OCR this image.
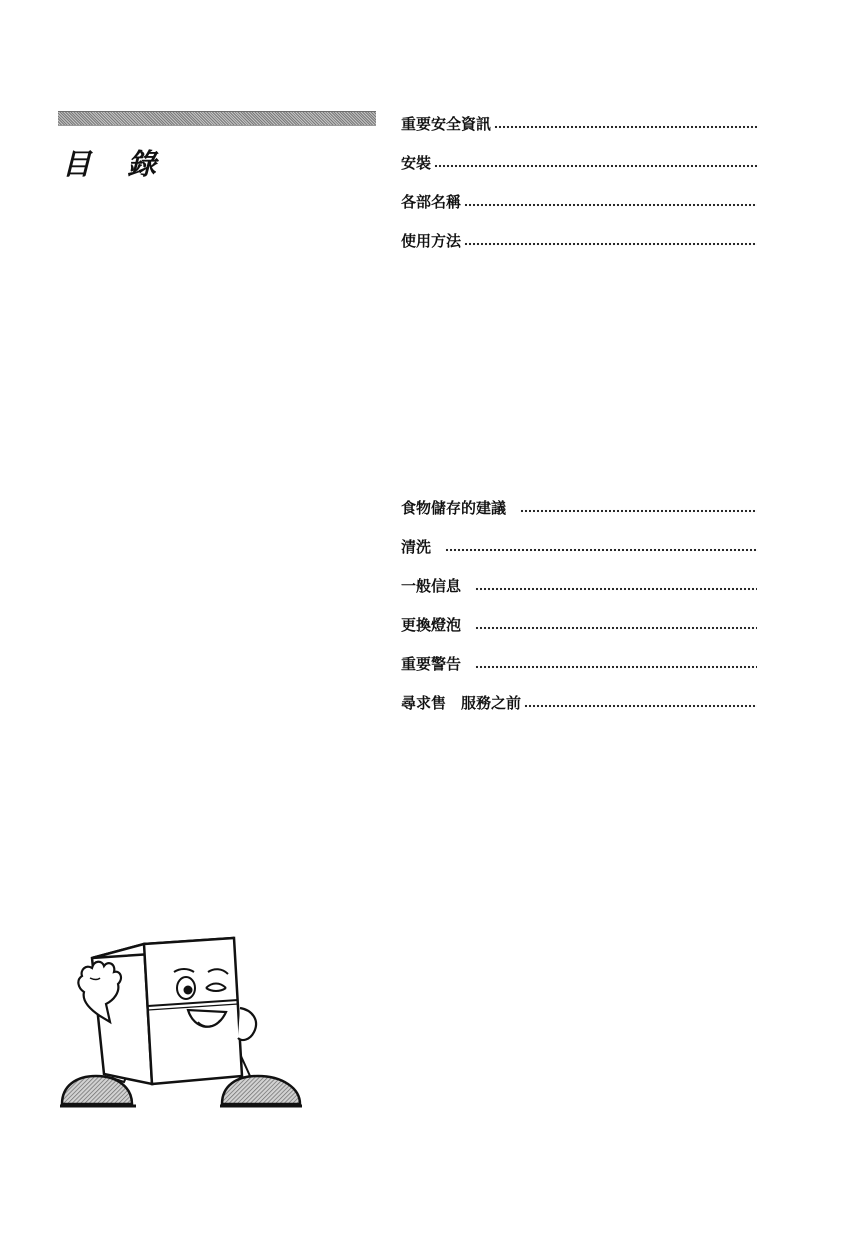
目 錄
重要安全資訊
安裝
各部名稱
使用方法
食物儲存的建議
清洗
一般信息
更換燈泡
重要警告
尋求售　服務之前
